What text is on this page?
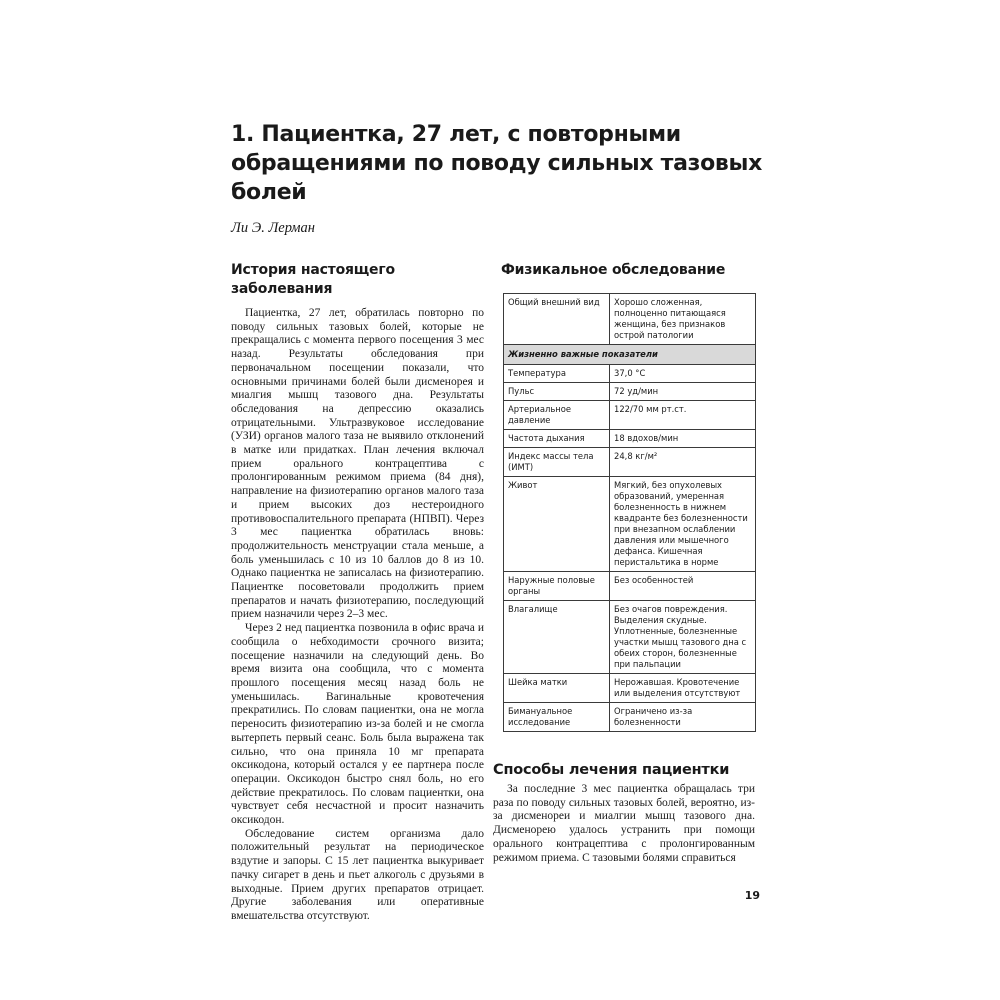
1. Пациентка, 27 лет, с повторными обращениями по поводу сильных тазовых болей

Ли Э. Лерман

История настоящего заболевания

Пациентка, 27 лет, обратилась повторно по поводу сильных тазовых болей, которые не прекращались с момента первого посещения 3 мес назад. Результаты обследования при первоначальном посещении показали, что основными причинами болей были дисменорея и миалгия мышц тазового дна. Результаты обследования на депрессию оказались отрицательными. Ультразвуковое исследование (УЗИ) органов малого таза не выявило отклонений в матке или придатках. План лечения включал прием орального контрацептива с пролонгированным режимом приема (84 дня), направление на физиотерапию органов малого таза и прием высоких доз нестероидного противовоспалительного препарата (НПВП). Через 3 мес пациентка обратилась вновь: продолжительность менструации стала меньше, а боль уменьшилась с 10 из 10 баллов до 8 из 10. Однако пациентка не записалась на физиотерапию. Пациентке посоветовали продолжить прием препаратов и начать физиотерапию, последующий прием назначили через 2–3 мес.

Через 2 нед пациентка позвонила в офис врача и сообщила о небходимости срочного визита; посещение назначили на следующий день. Во время визита она сообщила, что с момента прошлого посещения месяц назад боль не уменьшилась. Вагинальные кровотечения прекратились. По словам пациентки, она не могла переносить физиотерапию из-за болей и не смогла вытерпеть первый сеанс. Боль была выражена так сильно, что она приняла 10 мг препарата оксикодона, который остался у ее партнера после операции. Оксикодон быстро снял боль, но его действие прекратилось. По словам пациентки, она чувствует себя несчастной и просит назначить оксикодон.

Обследование систем организма дало положительный результат на периодическое вздутие и запоры. С 15 лет пациентка выкуривает пачку сигарет в день и пьет алкоголь с друзьями в выходные. Прием других препаратов отрицает. Другие заболевания или оперативные вмешательства отсутствуют.

Физикальное обследование
Общий внешний вид	Хорошо сложенная, полноценно питающаяся женщина, без признаков острой патологии
Жизненно важные показатели	
Температура	37,0 °C
Пульс	72 уд/мин
Артериальное давление	122/70 мм рт.ст.
Частота дыхания	18 вдохов/мин
Индекс массы тела (ИМТ)	24,8 кг/м²
Живот	Мягкий, без опухолевых образований, умеренная болезненность в нижнем квадранте без болезненности при внезапном ослаблении давления или мышечного дефанса. Кишечная перистальтика в норме
Наружные половые органы	Без особенностей
Влагалище	Без очагов повреждения. Выделения скудные. Уплотненные, болезненные участки мышц тазового дна с обеих сторон, болезненные при пальпации
Шейка матки	Нерожавшая. Кровотечение или выделения отсутствуют
Бимануальное исследование	Ограничено из-за болезненности
Способы лечения пациентки

За последние 3 мес пациентка обращалась три раза по поводу сильных тазовых болей, вероятно, из-за дисменореи и миалгии мышц тазового дна. Дисменорею удалось устранить при помощи орального контрацептива с пролонгированным режимом приема. С тазовыми болями справиться

19
